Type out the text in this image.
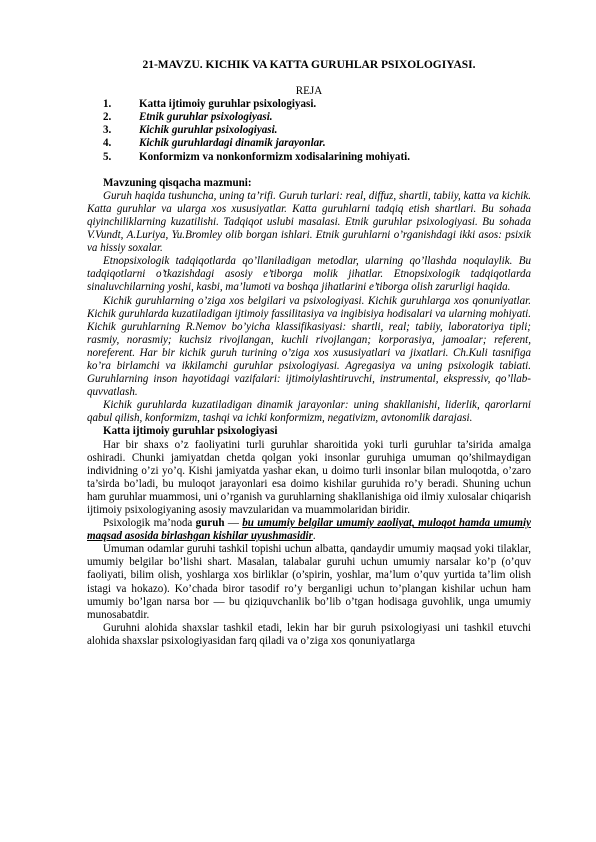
21-MAVZU. KICHIK VA KATTA GURUHLAR PSIXOLOGIYASI.
REJA
1.	Katta ijtimoiy guruhlar psixologiyasi.
2.	Etnik guruhlar psixologiyasi.
3.	Kichik guruhlar psixologiyasi.
4.	Kichik guruhlardagi dinamik jarayonlar.
5.	Konformizm va nonkonformizm xodisalarining mohiyati.
Mavzuning qisqacha mazmuni:

Guruh haqida tushuncha, uning ta’rifi. Guruh turlari: real, diffuz, shartli, tabiiy, katta va kichik. Katta guruhlar va ularga xos xususiyatlar. Katta guruhlarni tadqiq etish shartlari. Bu sohada qiyinchiliklarning kuzatilishi. Tadqiqot uslubi masalasi. Etnik guruhlar psixologiyasi. Bu sohada V.Vundt, A.Luriya, Yu.Bromley olib borgan ishlari. Etnik guruhlarni o’rganishdagi ikki asos: psixik va hissiy soxalar.

Etnopsixologik tadqiqotlarda qo’llaniladigan metodlar, ularning qo’llashda noqulaylik. Bu tadqiqotlarni o’tkazishdagi asosiy e’tiborga molik jihatlar. Etnopsixologik tadqiqotlarda sinaluvchilarning yoshi, kasbi, ma’lumoti va boshqa jihatlarini e’tiborga olish zarurligi haqida.

Kichik guruhlarning o’ziga xos belgilari va psixologiyasi. Kichik guruhlarga xos qonuniyatlar. Kichik guruhlarda kuzatiladigan ijtimoiy fassilitasiya va ingibisiya hodisalari va ularning mohiyati. Kichik guruhlarning R.Nemov bo’yicha klassifikasiyasi: shartli, real; tabiiy, laboratoriya tipli; rasmiy, norasmiy; kuchsiz rivojlangan, kuchli rivojlangan; korporasiya, jamoalar; referent, noreferent. Har bir kichik guruh turining o’ziga xos xususiyatlari va jixatlari. Ch.Kuli tasnifiga ko’ra birlamchi va ikkilamchi guruhlar psixologiyasi. Agregasiya va uning psixologik tabiati. Guruhlarning inson hayotidagi vazifalari: ijtimoiylashtiruvchi, instrumental, ekspressiv, qo’llab-quvvatlash.

Kichik guruhlarda kuzatiladigan dinamik jarayonlar: uning shakllanishi, liderlik, qarorlarni qabul qilish, konformizm, tashqi va ichki konformizm, negativizm, avtonomlik darajasi.

Katta ijtimoiy guruhlar psixologiyasi

Har bir shaxs o’z faoliyatini turli guruhlar sharoitida yoki turli guruhlar ta’sirida amalga oshiradi. Chunki jamiyatdan chetda qolgan yoki insonlar guruhiga umuman qo’shilmaydigan individning o’zi yo’q. Kishi jamiyatda yashar ekan, u doimo turli insonlar bilan muloqotda, o’zaro ta’sirda bo’ladi, bu muloqot jarayonlari esa doimo kishilar guruhida ro’y beradi. Shuning uchun ham guruhlar muammosi, uni o’rganish va guruhlarning shakllanishiga oid ilmiy xulosalar chiqarish ijtimoiy psixologiyaning asosiy mavzularidan va muammolaridan biridir.

Psixologik ma’noda guruh — bu umumiy belgilar umumiy ғaoliyat, muloqot hamda umumiy maqsad asosida birlashgan kishilar uyushmasidir.

Umuman odamlar guruhi tashkil topishi uchun albatta, qandaydir umumiy maqsad yoki tilaklar, umumiy belgilar bo’lishi shart. Masalan, talabalar guruhi uchun umumiy narsalar ko’p (o’quv faoliyati, bilim olish, yoshlarga xos birliklar (o’spirin, yoshlar, ma’lum o’quv yurtida ta’lim olish istagi va hokazo). Ko’chada biror tasodif ro’y berganligi uchun to’plangan kishilar uchun ham umumiy bo’lgan narsa bor — bu qiziquvchanlik bo’lib o’tgan hodisaga guvohlik, unga umumiy munosabatdir.

Guruhni alohida shaxslar tashkil etadi, lekin har bir guruh psixologiyasi uni tashkil etuvchi alohida shaxslar psixologiyasidan farq qiladi va o’ziga xos qonuniyatlarga
